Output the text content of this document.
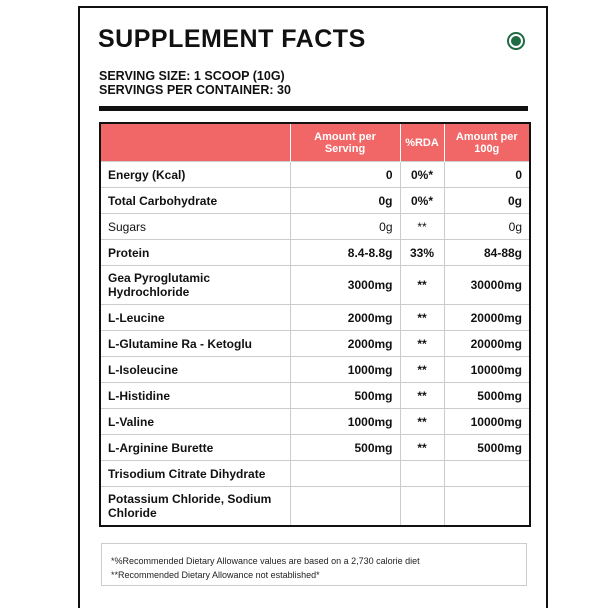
SUPPLEMENT FACTS
SERVING SIZE: 1 SCOOP (10G)
SERVINGS PER CONTAINER: 30
	Amount per Serving	%RDA	Amount per 100g
Energy (Kcal)	0	0%*	0
Total Carbohydrate	0g	0%*	0g
Sugars	0g	**	0g
Protein	8.4-8.8g	33%	84-88g
Gea Pyroglutamic Hydrochloride	3000mg	**	30000mg
L-Leucine	2000mg	**	20000mg
L-Glutamine Ra - Ketoglu	2000mg	**	20000mg
L-Isoleucine	1000mg	**	10000mg
L-Histidine	500mg	**	5000mg
L-Valine	1000mg	**	10000mg
L-Arginine Burette	500mg	**	5000mg
Trisodium Citrate Dihydrate			
Potassium Chloride, Sodium Chloride			
*%Recommended Dietary Allowance values are based on a 2,730 calorie diet
**Recommended Dietary Allowance not established*
